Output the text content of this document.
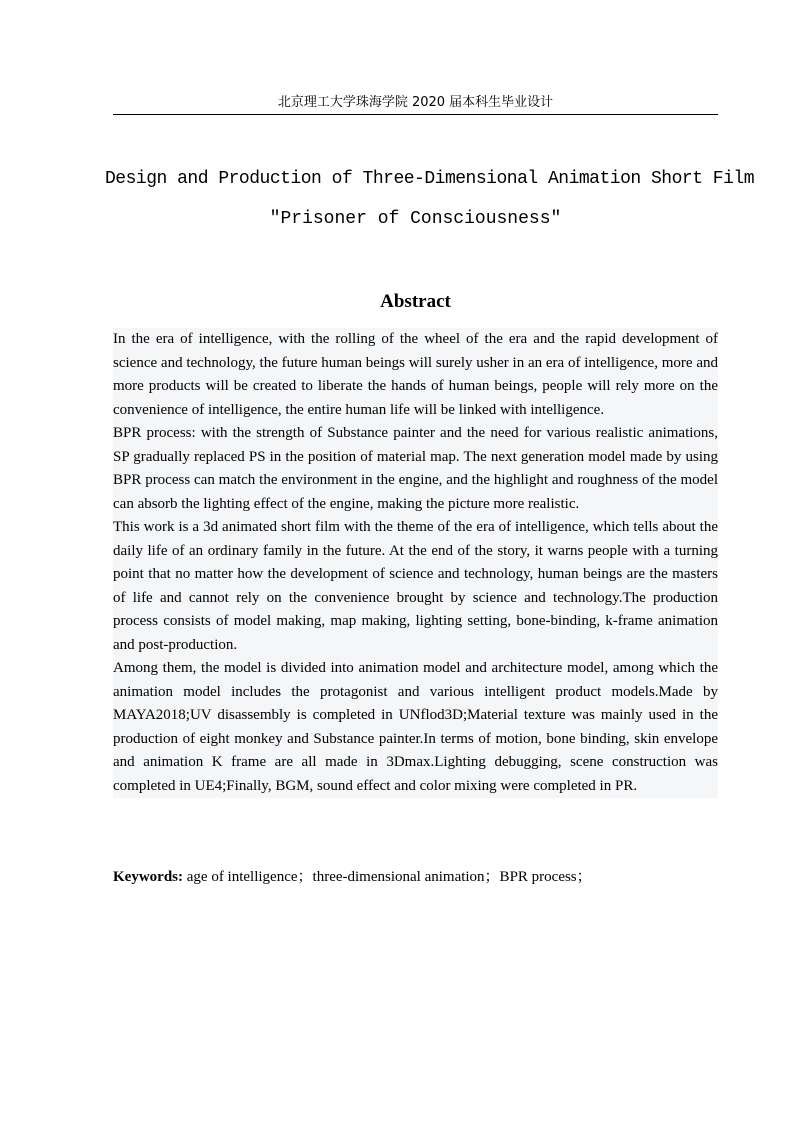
北京理工大学珠海学院 2020 届本科生毕业设计
Design and Production of Three-Dimensional Animation Short Film
"Prisoner of Consciousness"
Abstract

In the era of intelligence, with the rolling of the wheel of the era and the rapid development of science and technology, the future human beings will surely usher in an era of intelligence, more and more products will be created to liberate the hands of human beings, people will rely more on the convenience of intelligence, the entire human life will be linked with intelligence.

BPR process: with the strength of Substance painter and the need for various realistic animations, SP gradually replaced PS in the position of material map. The next generation model made by using BPR process can match the environment in the engine, and the highlight and roughness of the model can absorb the lighting effect of the engine, making the picture more realistic.

This work is a 3d animated short film with the theme of the era of intelligence, which tells about the daily life of an ordinary family in the future. At the end of the story, it warns people with a turning point that no matter how the development of science and technology, human beings are the masters of life and cannot rely on the convenience brought by science and technology.The production process consists of model making, map making, lighting setting, bone-binding, k-frame animation and post-production.

Among them, the model is divided into animation model and architecture model, among which the animation model includes the protagonist and various intelligent product models.Made by MAYA2018;UV disassembly is completed in UNflod3D;Material texture was mainly used in the production of eight monkey and Substance painter.In terms of motion, bone binding, skin envelope and animation K frame are all made in 3Dmax.Lighting debugging, scene construction was completed in UE4;Finally, BGM, sound effect and color mixing were completed in PR.

Keywords: age of intelligence；three-dimensional animation；BPR process；
